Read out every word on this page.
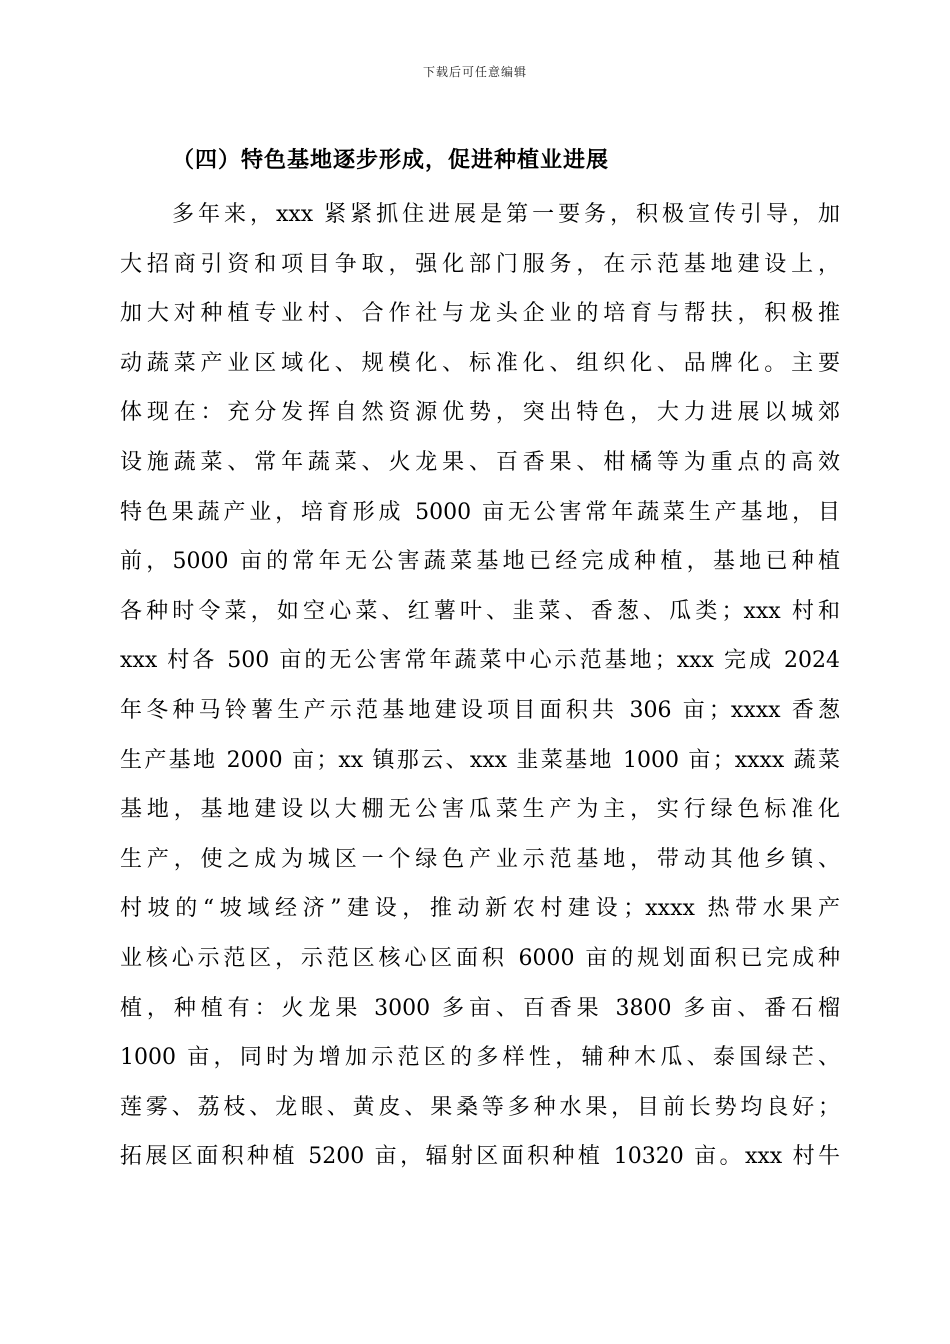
下载后可任意编辑
（四）特色基地逐步形成，促进种植业进展
多年来，xxx 紧紧抓住进展是第一要务，积极宣传引导，加
大招商引资和项目争取，强化部门服务，在示范基地建设上，
加大对种植专业村、合作社与龙头企业的培育与帮扶，积极推
动蔬菜产业区域化、规模化、标准化、组织化、品牌化。主要
体现在：充分发挥自然资源优势，突出特色，大力进展以城郊
设施蔬菜、常年蔬菜、火龙果、百香果、柑橘等为重点的高效
特色果蔬产业，培育形成 5000 亩无公害常年蔬菜生产基地，目
前，5000 亩的常年无公害蔬菜基地已经完成种植，基地已种植
各种时令菜，如空心菜、红薯叶、韭菜、香葱、瓜类；xxx 村和
xxx 村各 500 亩的无公害常年蔬菜中心示范基地；xxx 完成 2024
年冬种马铃薯生产示范基地建设项目面积共 306 亩；xxxx 香葱
生产基地 2000 亩；xx 镇那云、xxx 韭菜基地 1000 亩；xxxx 蔬菜
基地，基地建设以大棚无公害瓜菜生产为主，实行绿色标准化
生产，使之成为城区一个绿色产业示范基地，带动其他乡镇、
村坡的“坡域经济”建设，推动新农村建设；xxxx 热带水果产
业核心示范区，示范区核心区面积 6000 亩的规划面积已完成种
植，种植有：火龙果 3000 多亩、百香果 3800 多亩、番石榴
1000 亩，同时为增加示范区的多样性，辅种木瓜、泰国绿芒、
莲雾、荔枝、龙眼、黄皮、果桑等多种水果，目前长势均良好；
拓展区面积种植 5200 亩，辐射区面积种植 10320 亩。xxx 村牛
